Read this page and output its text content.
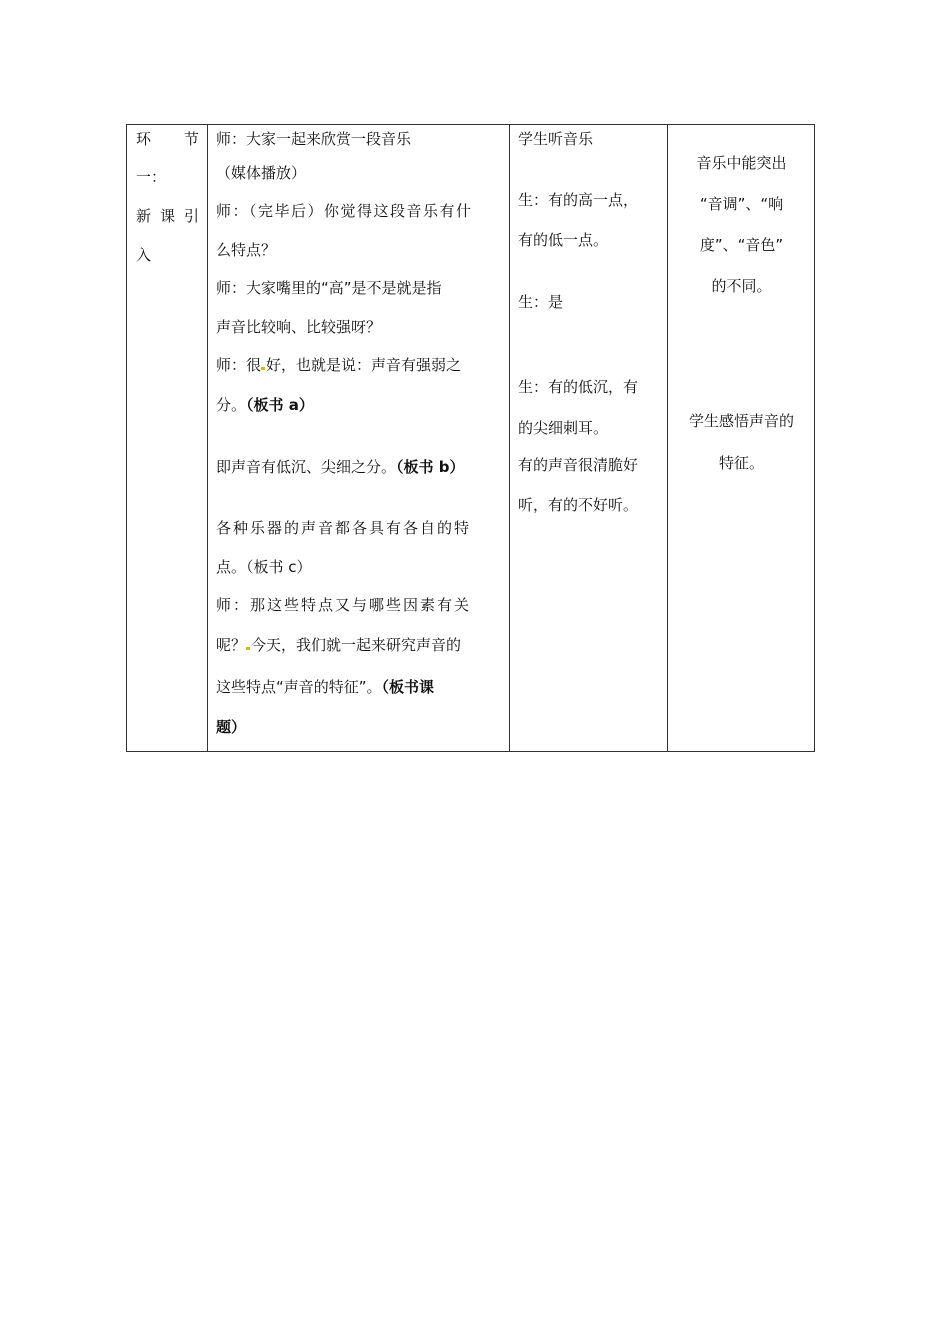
环 节
一：
新 课 引
入
师：大家一起来欣赏一段音乐
（媒体播放）
师：（完毕后）你觉得这段音乐有什
么特点？
师：大家嘴里的“高”是不是就是指
声音比较响、比较强呀？
师：很 好，也就是说：声音有强弱之
分。（板书 a）
即声音有低沉、尖细之分。（板书 b）
各种乐器的声音都各具有各自的特
点。（板书 c）
师：那这些特点又与哪些因素有关
呢？ 今天，我们就一起来研究声音的
这些特点“声音的特征”。（板书课
题）
学生听音乐
生：有的高一点，
有的低一点。
生：是
生：有的低沉，有
的尖细刺耳。
有的声音很清脆好
听，有的不好听。
音乐中能突出
“音调”、“响
度”、“音色”
的不同。
学生感悟声音的
特征。
